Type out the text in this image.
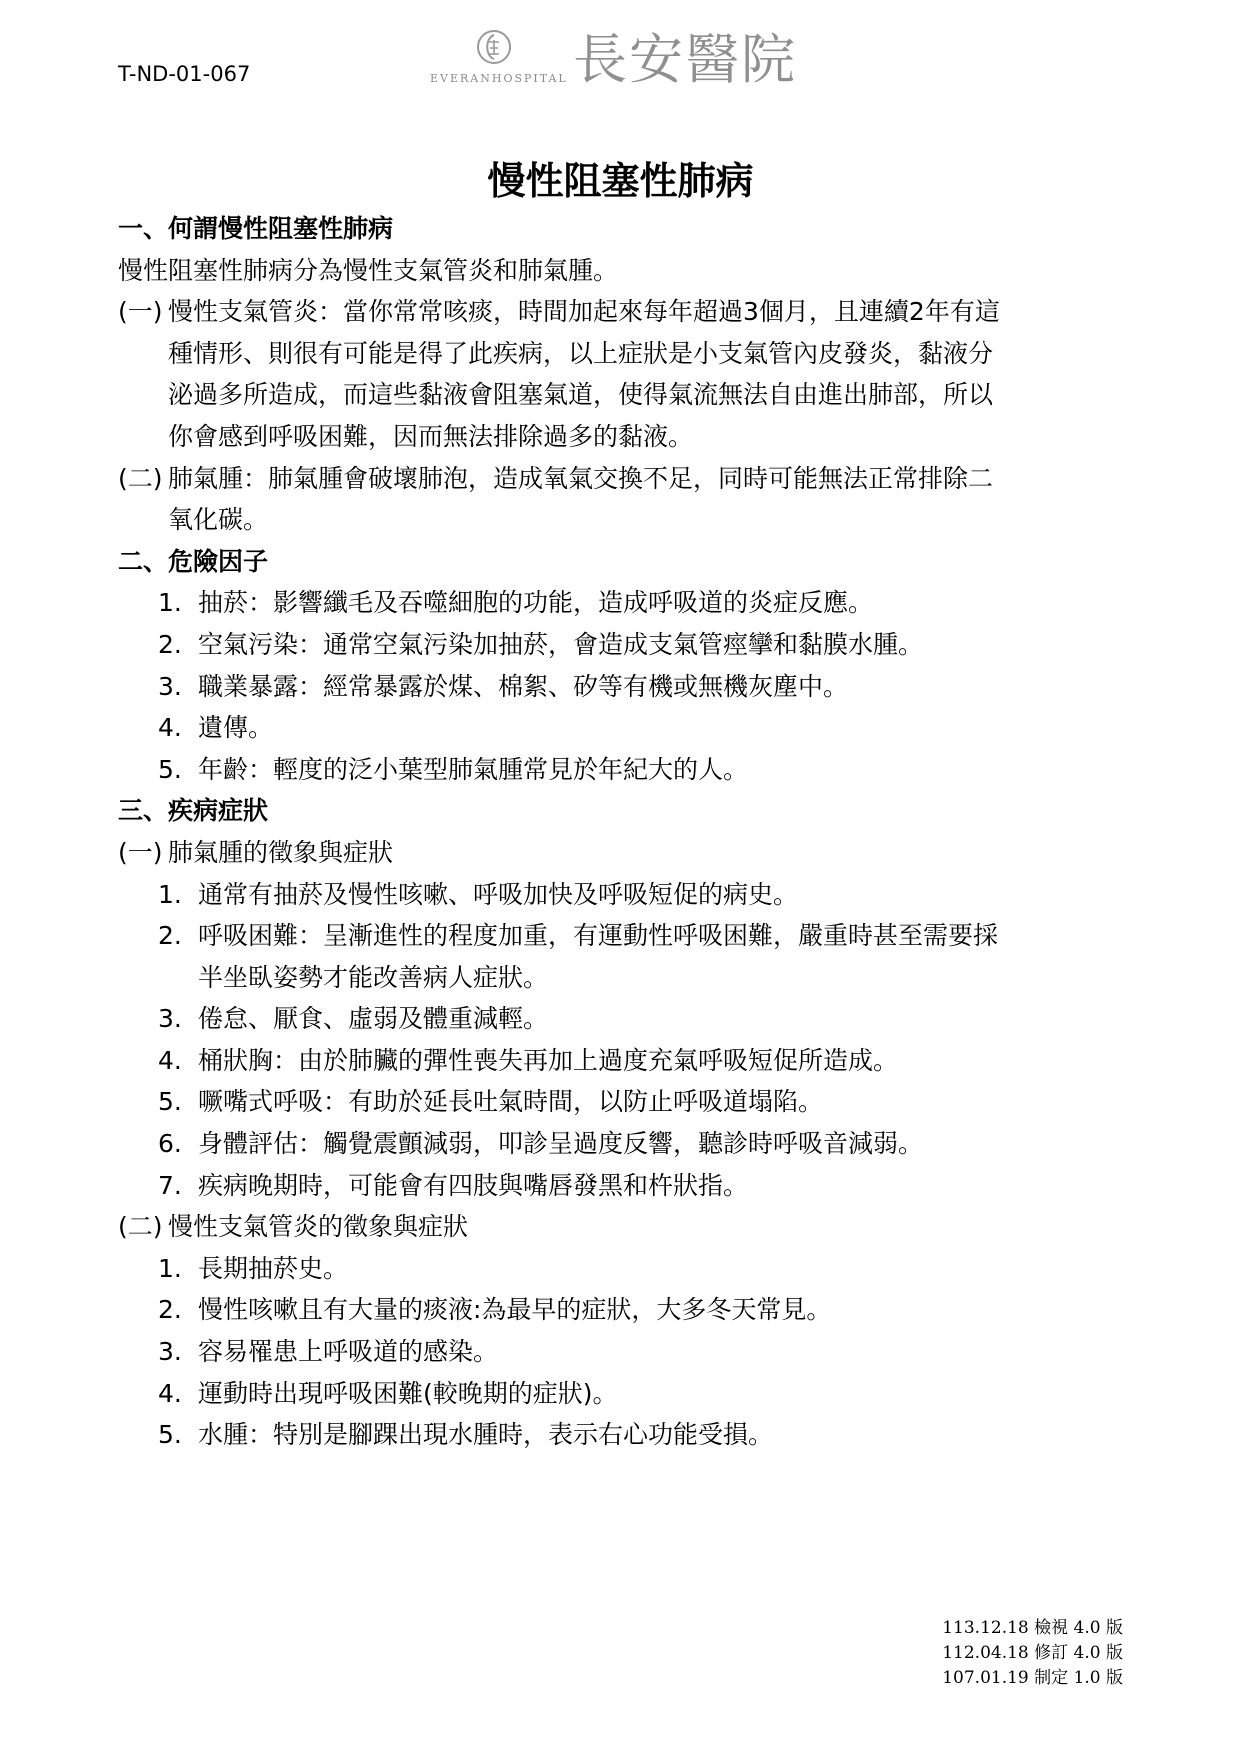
T-ND-01-067	EVERANHOSPITAL 長安醫院
慢性阻塞性肺病
一、何謂慢性阻塞性肺病
慢性阻塞性肺病分為慢性支氣管炎和肺氣腫。
(一) 慢性支氣管炎：當你常常咳痰，時間加起來每年超過3個月，且連續2年有這
種情形、則很有可能是得了此疾病，以上症狀是小支氣管內皮發炎，黏液分
泌過多所造成，而這些黏液會阻塞氣道，使得氣流無法自由進出肺部，所以
你會感到呼吸困難，因而無法排除過多的黏液。
(二) 肺氣腫：肺氣腫會破壞肺泡，造成氧氣交換不足，同時可能無法正常排除二
氧化碳。
二、危險因子
1. 抽菸：影響纖毛及吞噬細胞的功能，造成呼吸道的炎症反應。
2. 空氣污染：通常空氣污染加抽菸，會造成支氣管痙攣和黏膜水腫。
3. 職業暴露：經常暴露於煤、棉絮、矽等有機或無機灰塵中。
4. 遺傳。
5. 年齡：輕度的泛小葉型肺氣腫常見於年紀大的人。
三、疾病症狀
(一) 肺氣腫的徵象與症狀
1. 通常有抽菸及慢性咳嗽、呼吸加快及呼吸短促的病史。
2. 呼吸困難：呈漸進性的程度加重，有運動性呼吸困難，嚴重時甚至需要採
半坐臥姿勢才能改善病人症狀。
3. 倦怠、厭食、虛弱及體重減輕。
4. 桶狀胸：由於肺臟的彈性喪失再加上過度充氣呼吸短促所造成。
5. 噘嘴式呼吸：有助於延長吐氣時間，以防止呼吸道塌陷。
6. 身體評估：觸覺震顫減弱，叩診呈過度反響，聽診時呼吸音減弱。
7. 疾病晚期時，可能會有四肢與嘴唇發黑和杵狀指。
(二) 慢性支氣管炎的徵象與症狀
1. 長期抽菸史。
2. 慢性咳嗽且有大量的痰液:為最早的症狀，大多冬天常見。
3. 容易罹患上呼吸道的感染。
4. 運動時出現呼吸困難(較晚期的症狀)。
5. 水腫：特別是腳踝出現水腫時，表示右心功能受損。
113.12.18 檢視 4.0 版
112.04.18 修訂 4.0 版
107.01.19 制定 1.0 版
